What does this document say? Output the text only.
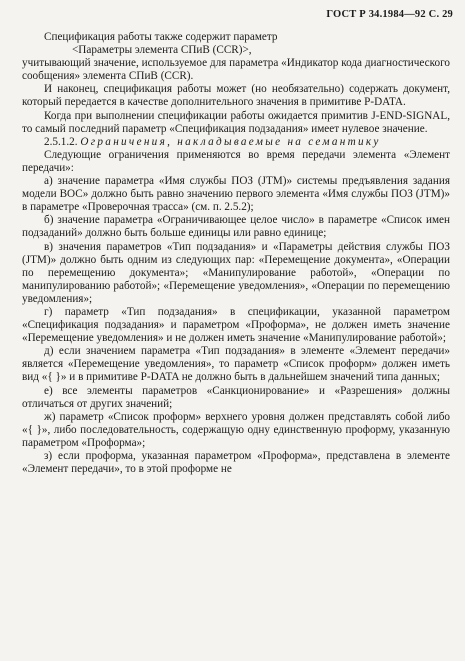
ГОСТ Р 34.1984—92 С. 29

Спецификация работы также содержит параметр

<Параметры элемента СПиВ (CCR)>,

учитывающий значение, используемое для параметра «Индикатор кода диагностического сообщения» элемента СПиВ (CCR).

И наконец, спецификация работы может (но необязательно) содержать документ, который передается в качестве дополнительного значения в примитиве P-DATA.

Когда при выполнении спецификации работы ожидается примитив J-END-SIGNAL, то самый последний параметр «Спецификация подзадания» имеет нулевое значение.

2.5.1.2. Ограничения, накладываемые на семантику

Следующие ограничения применяются во время передачи элемента «Элемент передачи»:

а) значение параметра «Имя службы ПОЗ (JTM)» системы предъявления задания модели ВОС» должно быть равно значению первого элемента «Имя службы ПОЗ (JTM)» в параметре «Проверочная трасса» (см. п. 2.5.2);

б) значение параметра «Ограничивающее целое число» в параметре «Список имен подзаданий» должно быть больше единицы или равно единице;

в) значения параметров «Тип подзадания» и «Параметры действия службы ПОЗ (JTM)» должно быть одним из следующих пар: «Перемещение документа», «Операции по перемещению документа»; «Манипулирование работой», «Операции по манипулированию работой»; «Перемещение уведомления», «Операции по перемещению уведомления»;

г) параметр «Тип подзадания» в спецификации, указанной параметром «Спецификация подзадания» и параметром «Проформа», не должен иметь значение «Перемещение уведомления» и не должен иметь значение «Манипулирование работой»;

д) если значением параметра «Тип подзадания» в элементе «Элемент передачи» является «Перемещение уведомления», то параметр «Список проформ» должен иметь вид «{ }» и в примитиве P-DATA не должно быть в дальнейшем значений типа данных;

е) все элементы параметров «Санкционирование» и «Разрешения» должны отличаться от других значений;

ж) параметр «Список проформ» верхнего уровня должен представлять собой либо «{ }», либо последовательность, содержащую одну единственную проформу, указанную параметром «Проформа»;

з) если проформа, указанная параметром «Проформа», представлена в элементе «Элемент передачи», то в этой проформе не
